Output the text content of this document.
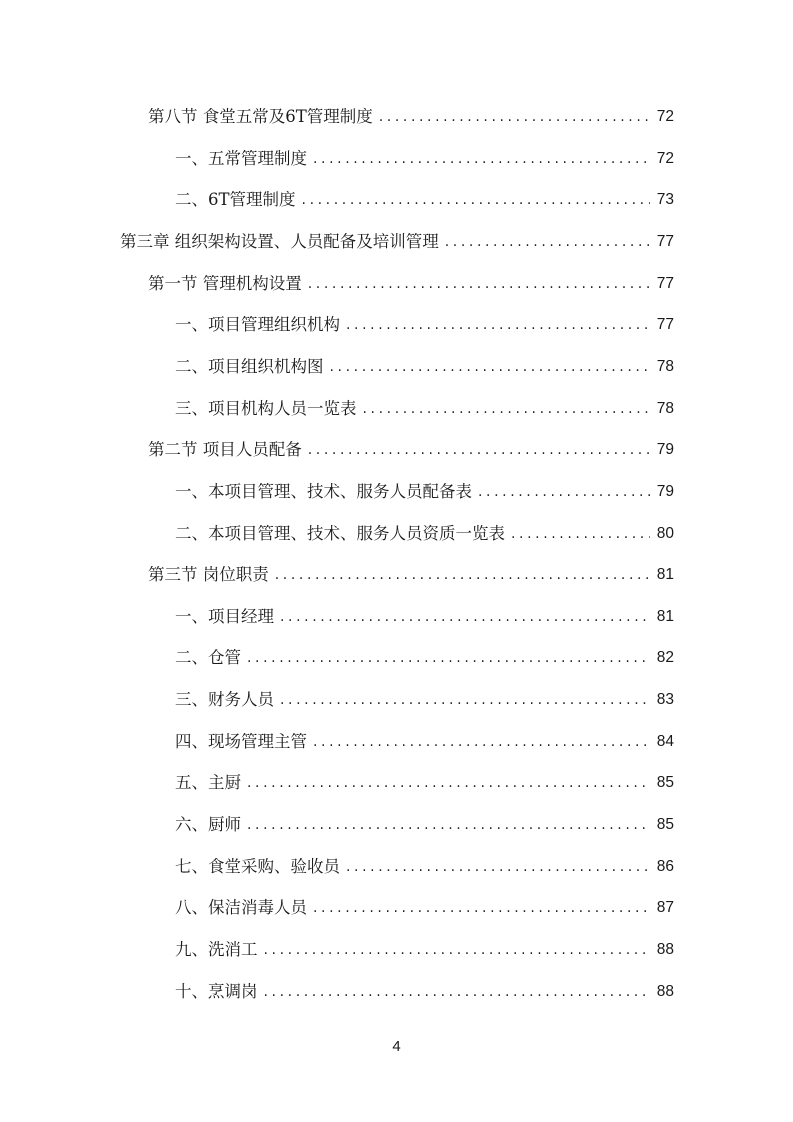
第八节 食堂五常及6T管理制度 .....	72
一、五常管理制度 .....	72
二、6T管理制度 .....	73
第三章 组织架构设置、人员配备及培训管理 .....	77
第一节 管理机构设置 .....	77
一、项目管理组织机构 .....	77
二、项目组织机构图 .....	78
三、项目机构人员一览表 .....	78
第二节 项目人员配备 .....	79
一、本项目管理、技术、服务人员配备表 .....	79
二、本项目管理、技术、服务人员资质一览表 .....	80
第三节 岗位职责 .....	81
一、项目经理 .....	81
二、仓管 .....	82
三、财务人员 .....	83
四、现场管理主管 .....	84
五、主厨 .....	85
六、厨师 .....	85
七、食堂采购、验收员 .....	86
八、保洁消毒人员 .....	87
九、洗消工 .....	88
十、烹调岗 .....	88
4
